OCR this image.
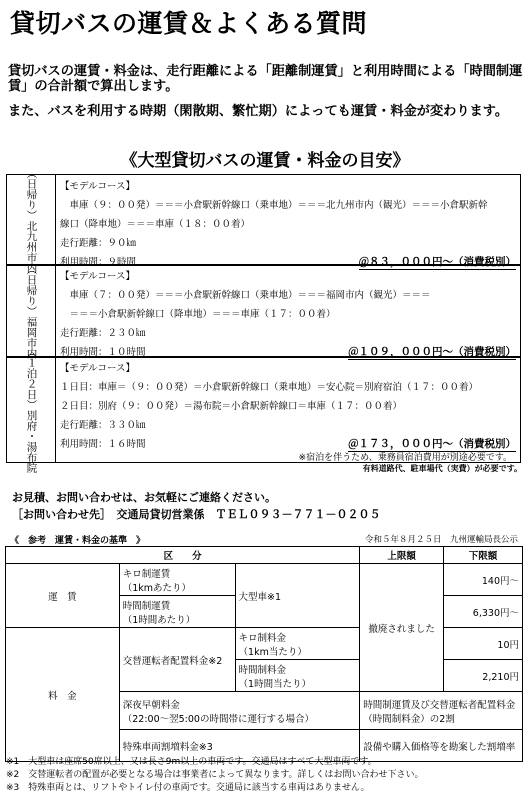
貸切バスの運賃＆よくある質問
貸切バスの運賃・料金は、走行距離による「距離制運賃」と利用時間による「時間制運賃」の合計額で算出します。
また、バスを利用する時期（閑散期、繁忙期）によっても運賃・料金が変わります。
《大型貸切バスの運賃・料金の目安》
（日帰り）北九州市内 【モデルコース】
　車庫（９：００発）＝＝＝小倉駅新幹線口（乗車地）＝＝＝北九州市内（観光）＝＝＝小倉駅新幹
線口（降車地）＝＝＝車庫（１８：００着）
走行距離：９０㎞
利用時間：９時間	＠８３，０００円～（消費税別）
（日帰り）福岡市内 【モデルコース】
　車庫（７：００発）＝＝＝小倉駅新幹線口（乗車地）＝＝＝福岡市内（観光）＝＝＝
　＝＝＝小倉駅新幹線口（降車地）＝＝＝車庫（１７：００着）
走行距離：２３０㎞
利用時間：１０時間	＠１０９，０００円～（消費税別）
（１泊２日）別府・湯布院 【モデルコース】
１日目：車庫＝（９：００発）＝小倉駅新幹線口（乗車地）＝安心院＝別府宿泊（１７：００着）
２日目：別府（９：００発）＝湯布院＝小倉駅新幹線口＝車庫（１７：００着）
走行距離：３３０㎞
利用時間：１６時間	＠１７３，０００円～（消費税別）
※宿泊を伴うため、乗務員宿泊費用が別途必要です。
有料道路代、駐車場代（実費）が必要です。
お見積、お問い合わせは、お気軽にご連絡ください。
［お問い合わせ先］　交通局貸切営業係　ＴＥＬ０９３－７７１－０２０５
《　参考　運賃・料金の基準　》	令和５年８月２５日　九州運輸局長公示
区　　分			上限額	下限額
運　賃	キロ制運賃
（1kmあたり）	大型車※1	撤廃されました	140円～

	時間制運賃
（1時間あたり）			6,330円～
料　金	交替運転者配置料金※2	キロ制料金
（1km当たり）		10円

		時間制料金
（1時間当たり）		2,210円

	深夜早朝料金
（22:00～翌5:00の時間帯に運行する場合）		時間制運賃及び交替運転者配置料金（時間制料金）の2割	
	特殊車両割増料金※3		設備や購入価格等を勘案した割増率	
※1　大型車は座席50席以上、又は長さ9m以上の車両です。交通局はすべて大型車両です。
※2　交替運転者の配置が必要となる場合は事業者によって異なります。詳しくはお問い合わせ下さい。
※3　特殊車両とは、リフトやトイレ付の車両です。交通局に該当する車両はありません。
